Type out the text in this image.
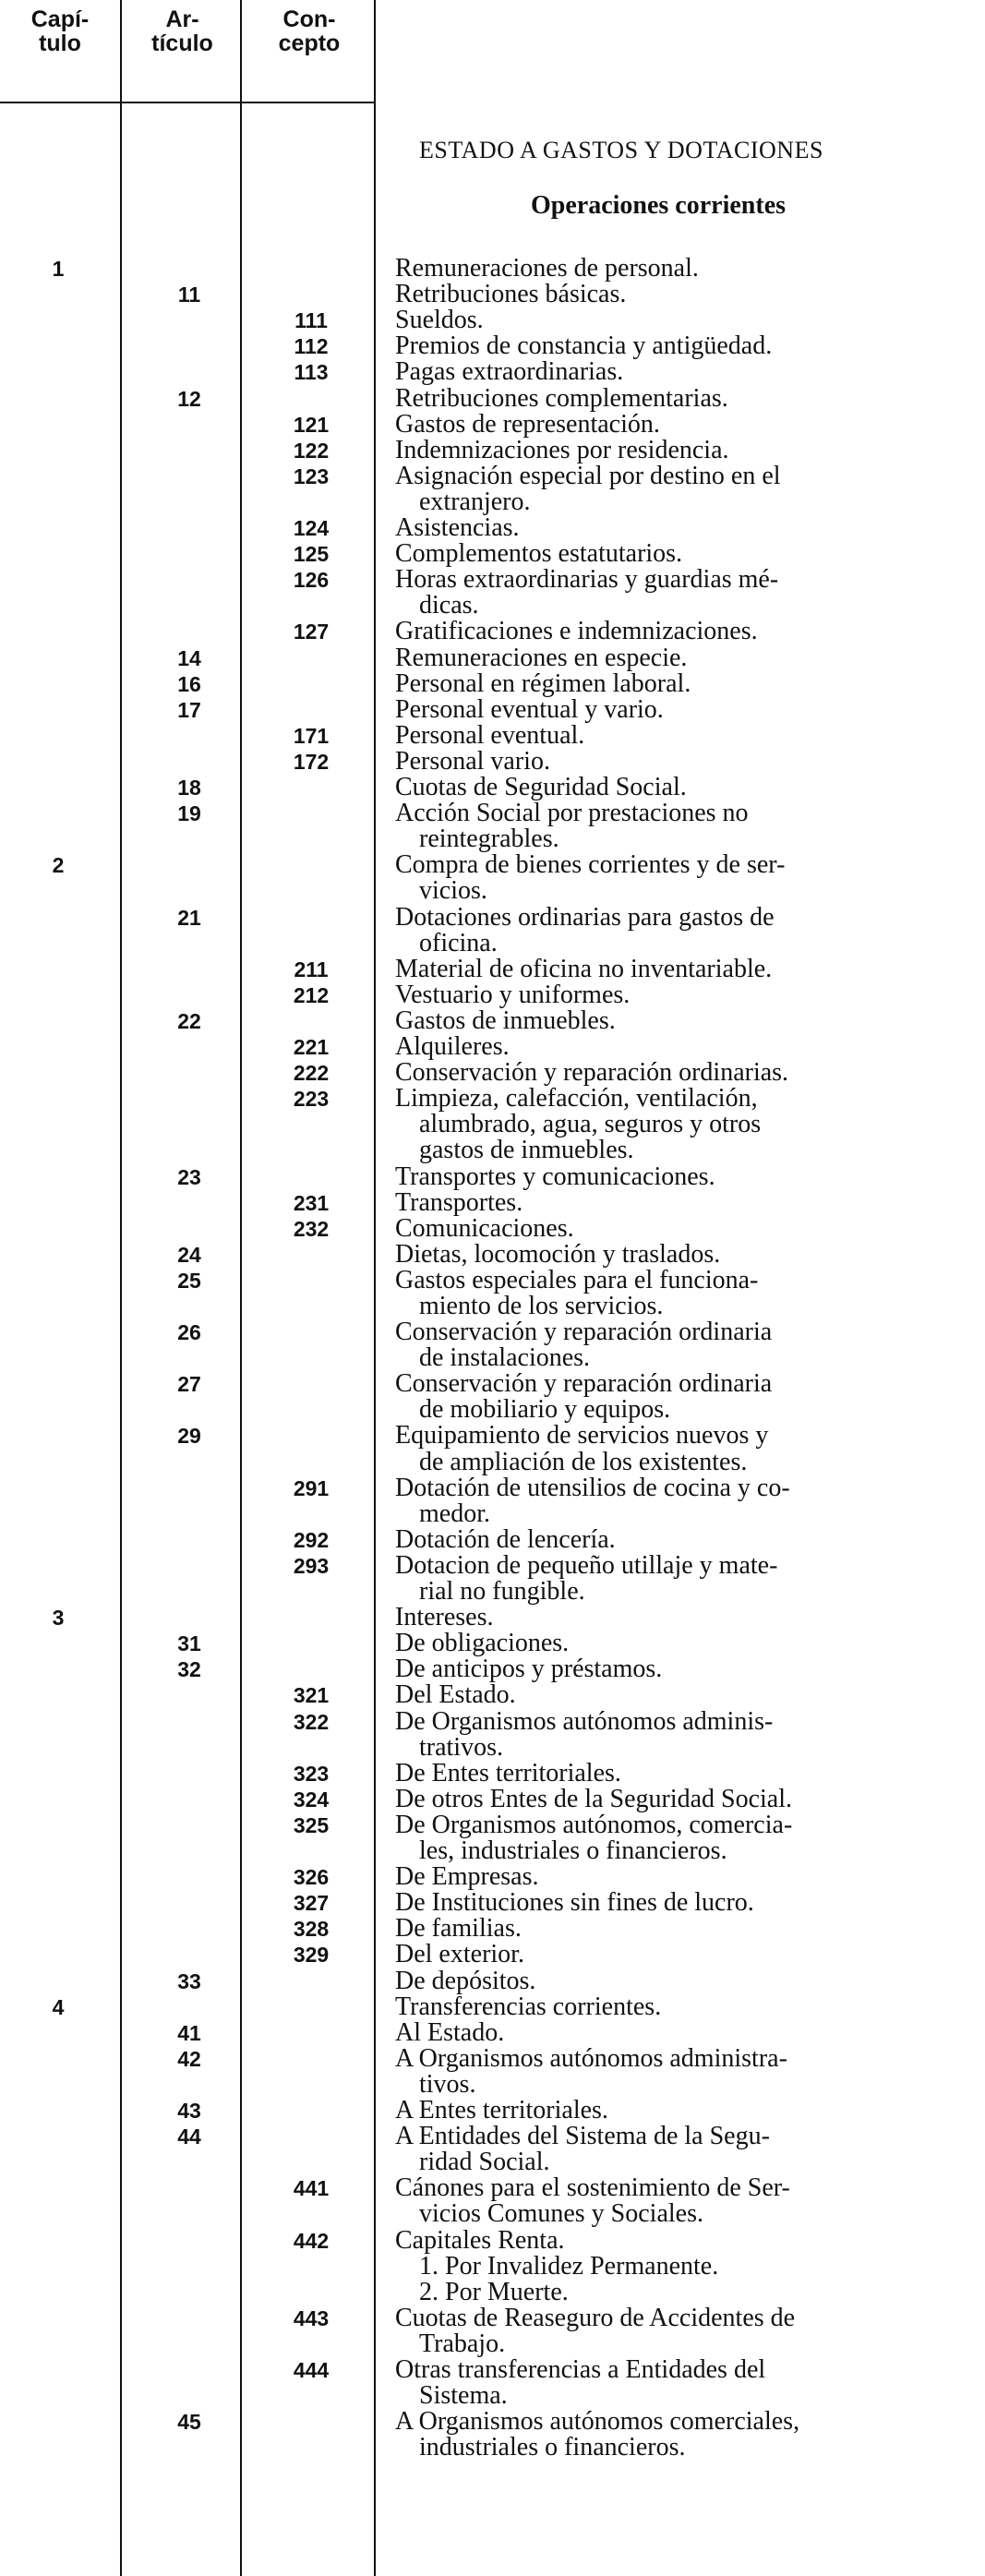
Capí-
tulo
Ar-
tículo
Con-
cepto
ESTADO A GASTOS Y DOTACIONES
Operaciones corrientes
1	Remuneraciones de personal.
11	Retribuciones básicas.
111	Sueldos.
112	Premios de constancia y antigüedad.
113	Pagas extraordinarias.
12	Retribuciones complementarias.
121	Gastos de representación.
122	Indemnizaciones por residencia.
123	Asignación especial por destino en el
extranjero.
124	Asistencias.
125	Complementos estatutarios.
126	Horas extraordinarias y guardias mé-
dicas.
127	Gratificaciones e indemnizaciones.
14	Remuneraciones en especie.
16	Personal en régimen laboral.
17	Personal eventual y vario.
171	Personal eventual.
172	Personal vario.
18	Cuotas de Seguridad Social.
19	Acción Social por prestaciones no
reintegrables.
2	Compra de bienes corrientes y de ser-
vicios.
21	Dotaciones ordinarias para gastos de
oficina.
211	Material de oficina no inventariable.
212	Vestuario y uniformes.
22	Gastos de inmuebles.
221	Alquileres.
222	Conservación y reparación ordinarias.
223	Limpieza, calefacción, ventilación,
alumbrado, agua, seguros y otros
gastos de inmuebles.
23	Transportes y comunicaciones.
231	Transportes.
232	Comunicaciones.
24	Dietas, locomoción y traslados.
25	Gastos especiales para el funciona-
miento de los servicios.
26	Conservación y reparación ordinaria
de instalaciones.
27	Conservación y reparación ordinaria
de mobiliario y equipos.
29	Equipamiento de servicios nuevos y
de ampliación de los existentes.
291	Dotación de utensilios de cocina y co-
medor.
292	Dotación de lencería.
293	Dotacion de pequeño utillaje y mate-
rial no fungible.
3	Intereses.
31	De obligaciones.
32	De anticipos y préstamos.
321	Del Estado.
322	De Organismos autónomos adminis-
trativos.
323	De Entes territoriales.
324	De otros Entes de la Seguridad Social.
325	De Organismos autónomos, comercia-
les, industriales o financieros.
326	De Empresas.
327	De Instituciones sin fines de lucro.
328	De familias.
329	Del exterior.
33	De depósitos.
4	Transferencias corrientes.
41	Al Estado.
42	A Organismos autónomos administra-
tivos.
43	A Entes territoriales.
44	A Entidades del Sistema de la Segu-
ridad Social.
441	Cánones para el sostenimiento de Ser-
vicios Comunes y Sociales.
442	Capitales Renta.
1. Por Invalidez Permanente.
2. Por Muerte.
443	Cuotas de Reaseguro de Accidentes de
Trabajo.
444	Otras transferencias a Entidades del
Sistema.
45	A Organismos autónomos comerciales,
industriales o financieros.
